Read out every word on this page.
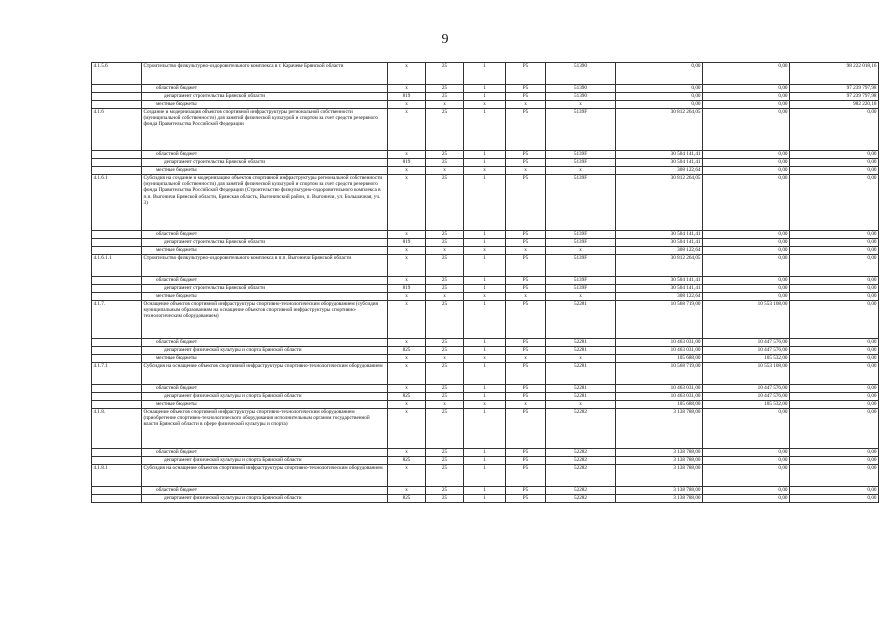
9
4.1.5.6	Строительство физкультурно-оздоровительного комплекса в г. Карачеве Брянской области	х	25	1	Р5	51390	0,00	0,00	98 222 018,16
	областной бюджет	х	25	1	Р5	51390	0,00	0,00	97 239 797,98
	департамент строительства Брянской области	819	25	1	Р5	51390	0,00	0,00	97 239 797,98
	местные бюджеты	х	х	х	х	х	0,00	0,00	982 220,18
4.1.6	Создание и модернизация объектов спортивной инфраструктуры региональной собственности (муниципальной собственности) для занятий физической культурой и спортом за счет средств резервного фонда Правительства Российской Федерации	х	25	1	Р5	5139F	30 812 264,05	0,00	0,00
	областной бюджет	х	25	1	Р5	5139F	30 504 141,41	0,00	0,00
	департамент строительства Брянской области	819	25	1	Р5	5139F	30 504 141,41	0,00	0,00
	местные бюджеты	х	х	х	х	х	308 122,64	0,00	0,00
4.1.6.1	Субсидия на создание и модернизацию объектов спортивной инфраструктуры региональной собственности (муниципальной собственности) для занятий физической культурой и спортом за счет средств резервного фонда Правительства Российской Федерации (Строительство физкультурно-оздоровительного комплекса в п.п. Выгоничи Брянской области, Брянская область, Выгоничский район, п. Выгоничи, ул. Большачная, уч. 3)	х	25	1	Р5	5139F	30 812 264,05	0,00	0,00
	областной бюджет	х	25	1	Р5	5139F	30 504 141,41	0,00	0,00
	департамент строительства Брянской области	819	25	1	Р5	5139F	30 504 141,41	0,00	0,00
	местные бюджеты	х	х	х	х	х	308 122,64	0,00	0,00
4.1.6.1.1	Строительство физкультурно-оздоровительного комплекса в п.п. Выгоничи Брянской области	х	25	1	Р5	5139F	30 812 264,05	0,00	0,00
	областной бюджет	х	25	1	Р5	5139F	30 504 141,41	0,00	0,00
	департамент строительства Брянской области	819	25	1	Р5	5139F	30 504 141,41	0,00	0,00
	местные бюджеты	х	х	х	х	х	308 122,64	0,00	0,00
4.1.7.	Оснащение объектов спортивной инфраструктуры спортивно-технологическим оборудованием (субсидия муниципальным образованиям на оснащение объектов спортивной инфраструктуры спортивно-технологическим оборудованием)	х	25	1	Р5	52281	10 568 719,00	10 553 108,00	0,00
	областной бюджет	х	25	1	Р5	52281	10 463 031,00	10 447 576,00	0,00
	департамент физической культуры и спорта Брянской области	825	25	1	Р5	52281	10 463 031,00	10 447 576,00	0,00
	местные бюджеты	х	х	х	х	х	105 688,00	105 532,00	0,00
4.1.7.1	Субсидия на оснащение объектов спортивной инфраструктуры спортивно-технологическим оборудованием	х	25	1	Р5	52281	10 568 719,00	10 553 108,00	0,00
	областной бюджет	х	25	1	Р5	52281	10 463 031,00	10 447 576,00	0,00
	департамент физической культуры и спорта Брянской области	825	25	1	Р5	52281	10 463 031,00	10 447 576,00	0,00
	местные бюджеты	х	х	х	х	х	105 688,00	105 532,00	0,00
4.1.8.	Оснащение объектов спортивной инфраструктуры спортивно-технологическим оборудованием (приобретение спортивно-технологического оборудования исполнительным органом государственной власти Брянской области в сфере физической культуры и спорта)	х	25	1	Р5	52282	3 138 788,00	0,00	0,00
	областной бюджет	х	25	1	Р5	52282	3 138 788,00	0,00	0,00
	департамент физической культуры и спорта Брянской области	825	25	1	Р5	52282	3 138 788,00	0,00	0,00
4.1.8.1	Субсидия на оснащение объектов спортивной инфраструктуры спортивно-технологическим оборудованием	х	25	1	Р5	52282	3 138 788,00	0,00	0,00
	областной бюджет	х	25	1	Р5	52282	3 138 788,00	0,00	0,00
	департамент физической культуры и спорта Брянской области	825	25	1	Р5	52282	3 138 788,00	0,00	0,00
